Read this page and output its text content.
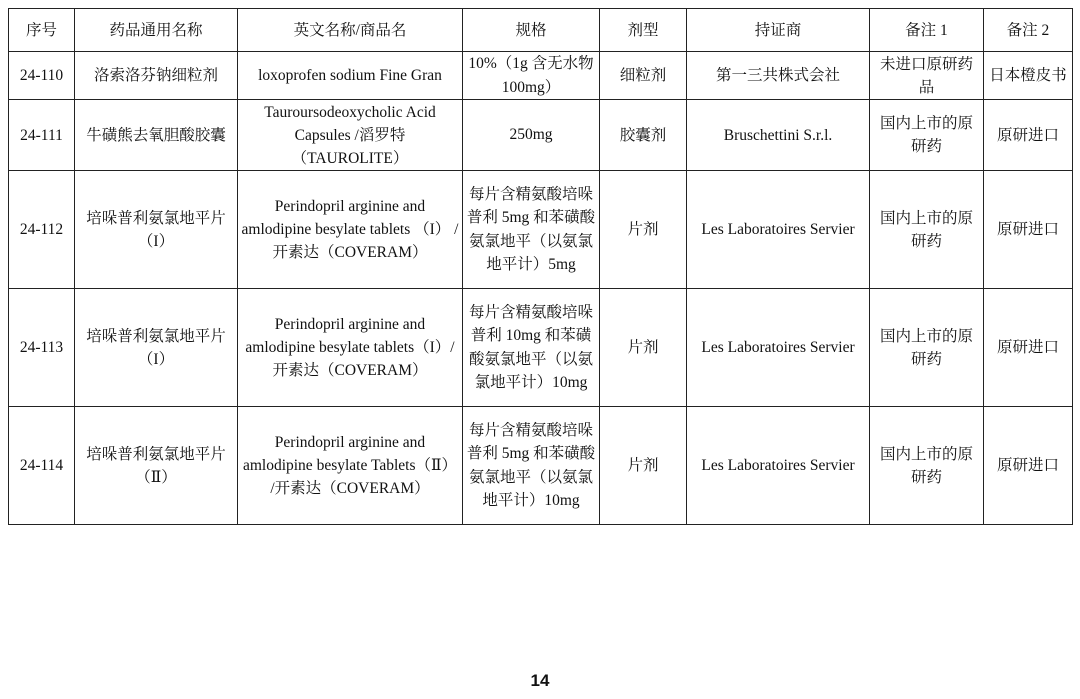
序号	药品通用名称	英文名称/商品名	规格	剂型	持证商	备注 1	备注 2
24-110	洛索洛芬钠细粒剂	loxoprofen sodium Fine Gran	10%（1g 含无水物 100mg）	细粒剂	第一三共株式会社	未进口原研药品	日本橙皮书
24-111	牛磺熊去氧胆酸胶囊	Tauroursodeoxycholic Acid Capsules /滔罗特（TAUROLITE）	250mg	胶囊剂	Bruschettini S.r.l.	国内上市的原研药	原研进口
24-112	培哚普利氨氯地平片（I）	Perindopril arginine and amlodipine besylate tablets （I） /开素达（COVERAM）	每片含精氨酸培哚普利 5mg 和苯磺酸氨氯地平（以氨氯地平计）5mg	片剂	Les Laboratoires Servier	国内上市的原研药	原研进口
24-113	培哚普利氨氯地平片（I）	Perindopril arginine and amlodipine besylate tablets（I）/开素达（COVERAM）	每片含精氨酸培哚普利 10mg 和苯磺酸氨氯地平（以氨氯地平计）10mg	片剂	Les Laboratoires Servier	国内上市的原研药	原研进口
24-114	培哚普利氨氯地平片（Ⅱ）	Perindopril arginine and amlodipine besylate Tablets（Ⅱ） /开素达（COVERAM）	每片含精氨酸培哚普利 5mg 和苯磺酸氨氯地平（以氨氯地平计）10mg	片剂	Les Laboratoires Servier	国内上市的原研药	原研进口
14
